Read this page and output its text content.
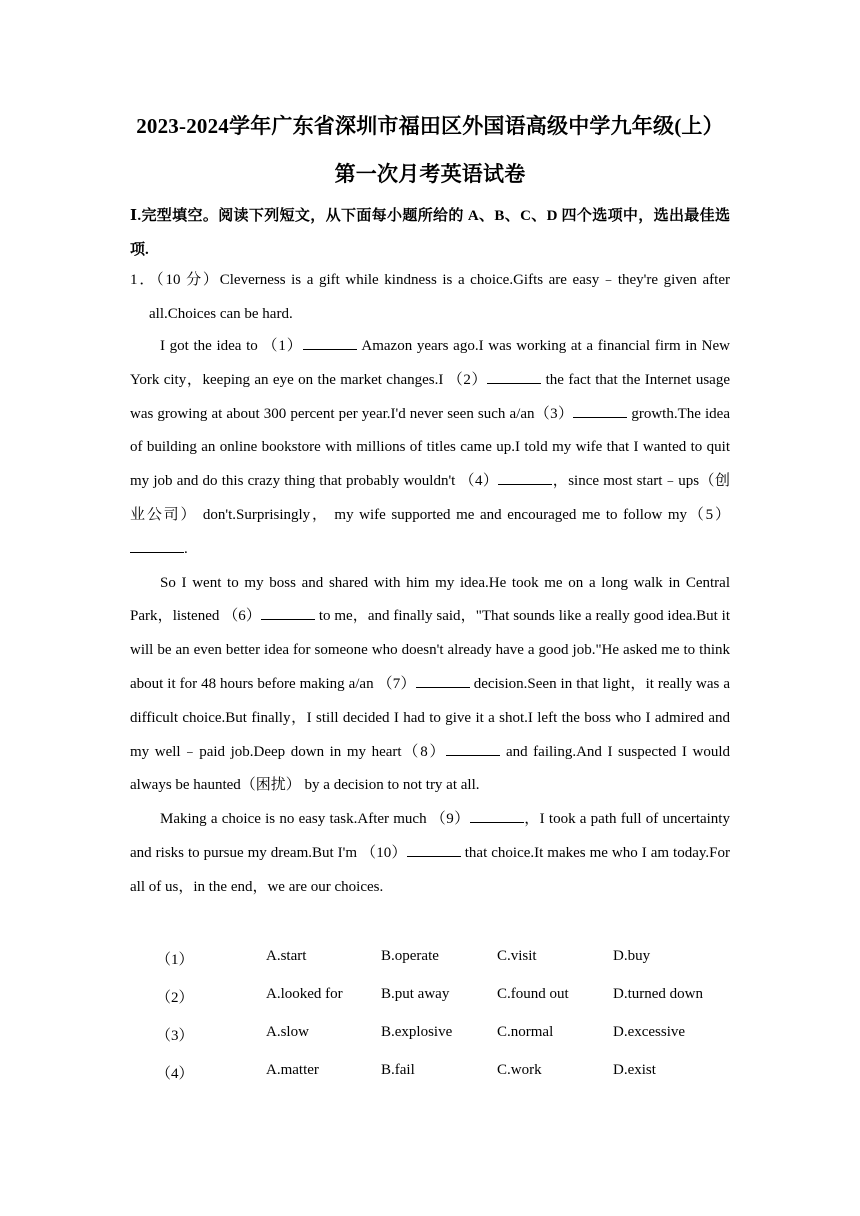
2023-2024学年广东省深圳市福田区外国语高级中学九年级(上）
第一次月考英语试卷
Ⅰ.完型填空。阅读下列短文，从下面每小题所给的 A、B、C、D 四个选项中，选出最佳选项.
1．（10 分）Cleverness is a gift while kindness is a choice.Gifts are easy﹣they're given after all.Choices can be hard.

I got the idea to （1）	Amazon years ago.I was working at a financial firm in New York city，keeping an eye on the market changes.I （2）	the fact that the Internet usage was growing at about 300 percent per year.I'd never seen such a/an（3）	growth.The idea of building an online bookstore with millions of titles came up.I told my wife that I wanted to quit my job and do this crazy thing that probably wouldn't （4）	，since most start﹣ups（创业公司） don't.Surprisingly， my wife supported me and encouraged me to follow my（5）.

So I went to my boss and shared with him my idea.He took me on a long walk in Central Park，listened （6）	to me，and finally said，"That sounds like a really good idea.But it will be an even better idea for someone who doesn't already have a good job."He asked me to think about it for 48 hours before making a/an （7）	decision.Seen in that light，it really was a difficult choice.But finally，I still decided I had to give it a shot.I left the boss who I admired and my well﹣paid job.Deep down in my heart（8）	and failing.And I suspected I would always be haunted（困扰） by a decision to not try at all.

Making a choice is no easy task.After much （9）	，I took a path full of uncertainty and risks to pursue my dream.But I'm （10）	that choice.It makes me who I am today.For all of us，in the end，we are our choices.

（1）	A.start	B.operate	C.visit	D.buy
（2）	A.looked for	B.put away	C.found out	D.turned down
（3）	A.slow	B.explosive	C.normal	D.excessive
（4）	A.matter	B.fail	C.work	D.exist
